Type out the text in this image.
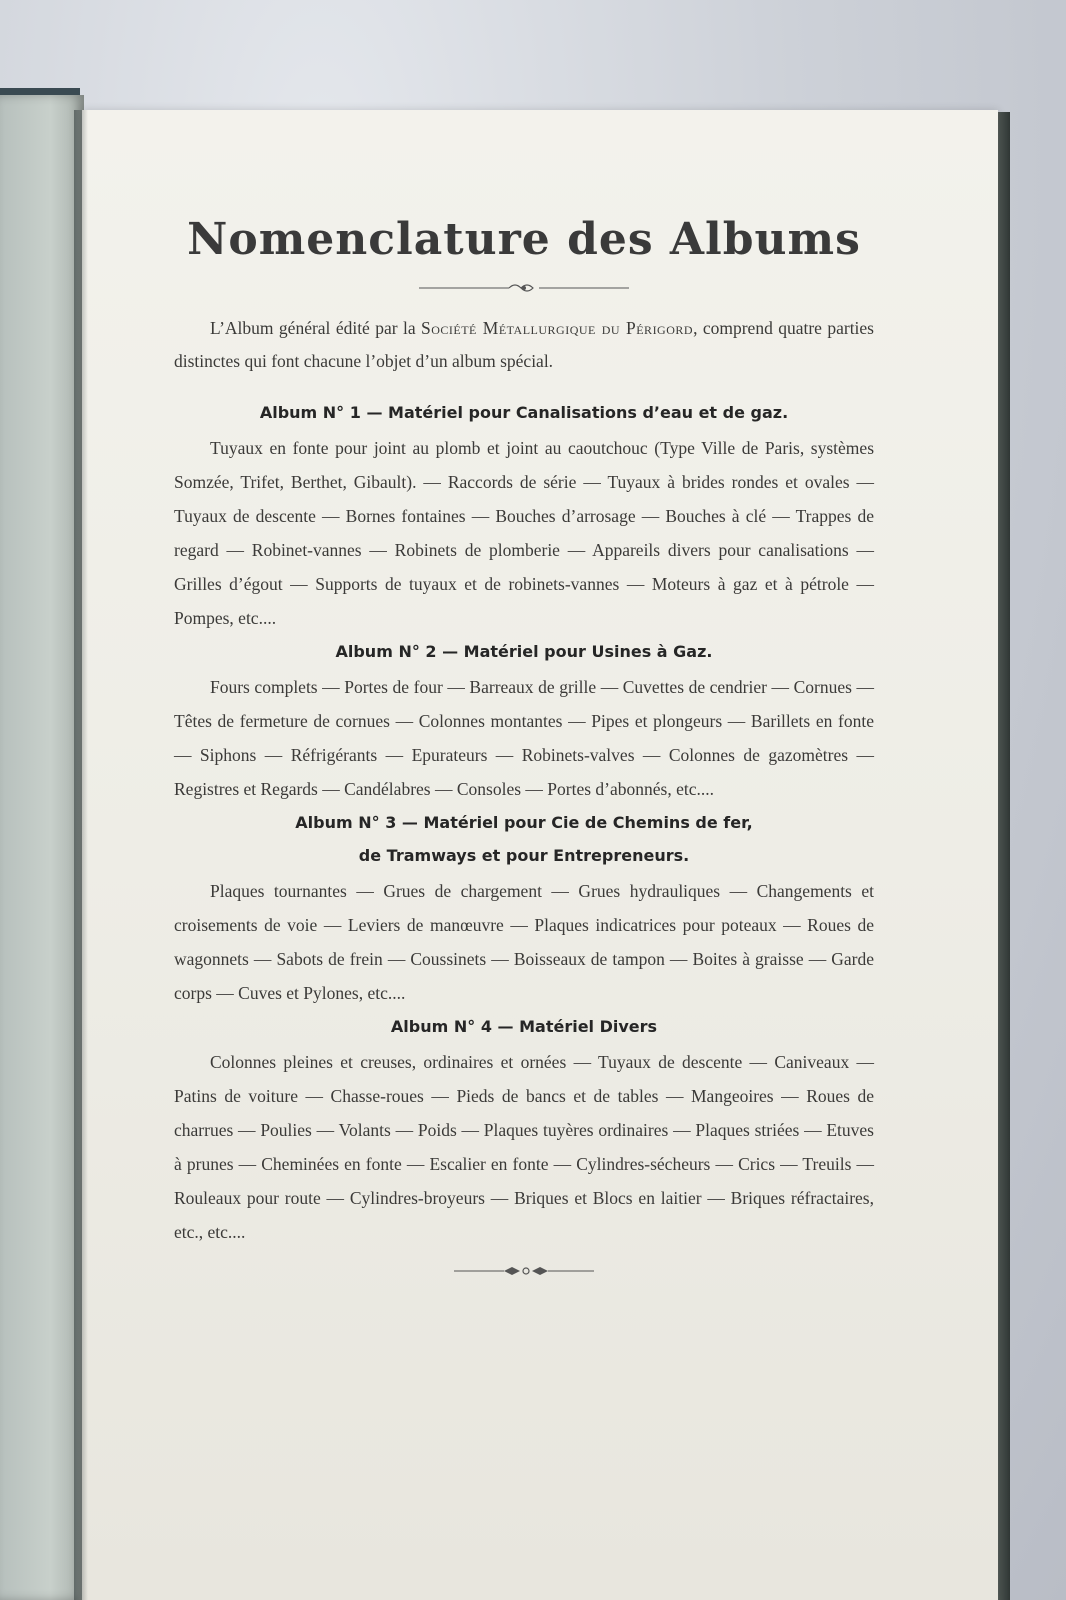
Nomenclature des Albums

L’Album général édité par la Société Métallurgique du Périgord, comprend quatre parties distinctes qui font chacune l’objet d’un album spécial.

Album N° 1 — Matériel pour Canalisations d’eau et de gaz.

Tuyaux en fonte pour joint au plomb et joint au caoutchouc (Type Ville de Paris, systèmes Somzée, Trifet, Berthet, Gibault). — Raccords de série — Tuyaux à brides rondes et ovales — Tuyaux de descente — Bornes fontaines — Bouches d’arrosage — Bouches à clé — Trappes de regard — Robinet-vannes — Robinets de plomberie — Appareils divers pour canalisations — Grilles d’égout — Supports de tuyaux et de robinets-vannes — Moteurs à gaz et à pétrole — Pompes, etc....

Album N° 2 — Matériel pour Usines à Gaz.

Fours complets — Portes de four — Barreaux de grille — Cuvettes de cendrier — Cornues — Têtes de fermeture de cornues — Colonnes montantes — Pipes et plongeurs — Barillets en fonte — Siphons — Réfrigérants — Epurateurs — Robinets-valves — Colonnes de gazomètres — Registres et Regards — Candélabres — Consoles — Portes d’abonnés, etc....

Album N° 3 — Matériel pour Cie de Chemins de fer,

de Tramways et pour Entrepreneurs.

Plaques tournantes — Grues de chargement — Grues hydrauliques — Changements et croisements de voie — Leviers de manœuvre — Plaques indicatrices pour poteaux — Roues de wagonnets — Sabots de frein — Coussinets — Boisseaux de tampon — Boites à graisse — Garde corps — Cuves et Pylones, etc....

Album N° 4 — Matériel Divers

Colonnes pleines et creuses, ordinaires et ornées — Tuyaux de descente — Caniveaux — Patins de voiture — Chasse-roues — Pieds de bancs et de tables — Mangeoires — Roues de charrues — Poulies — Volants — Poids — Plaques tuyères ordinaires — Plaques striées — Etuves à prunes — Cheminées en fonte — Escalier en fonte — Cylindres-sécheurs — Crics — Treuils — Rouleaux pour route — Cylindres-broyeurs — Briques et Blocs en laitier — Briques réfractaires, etc., etc....
